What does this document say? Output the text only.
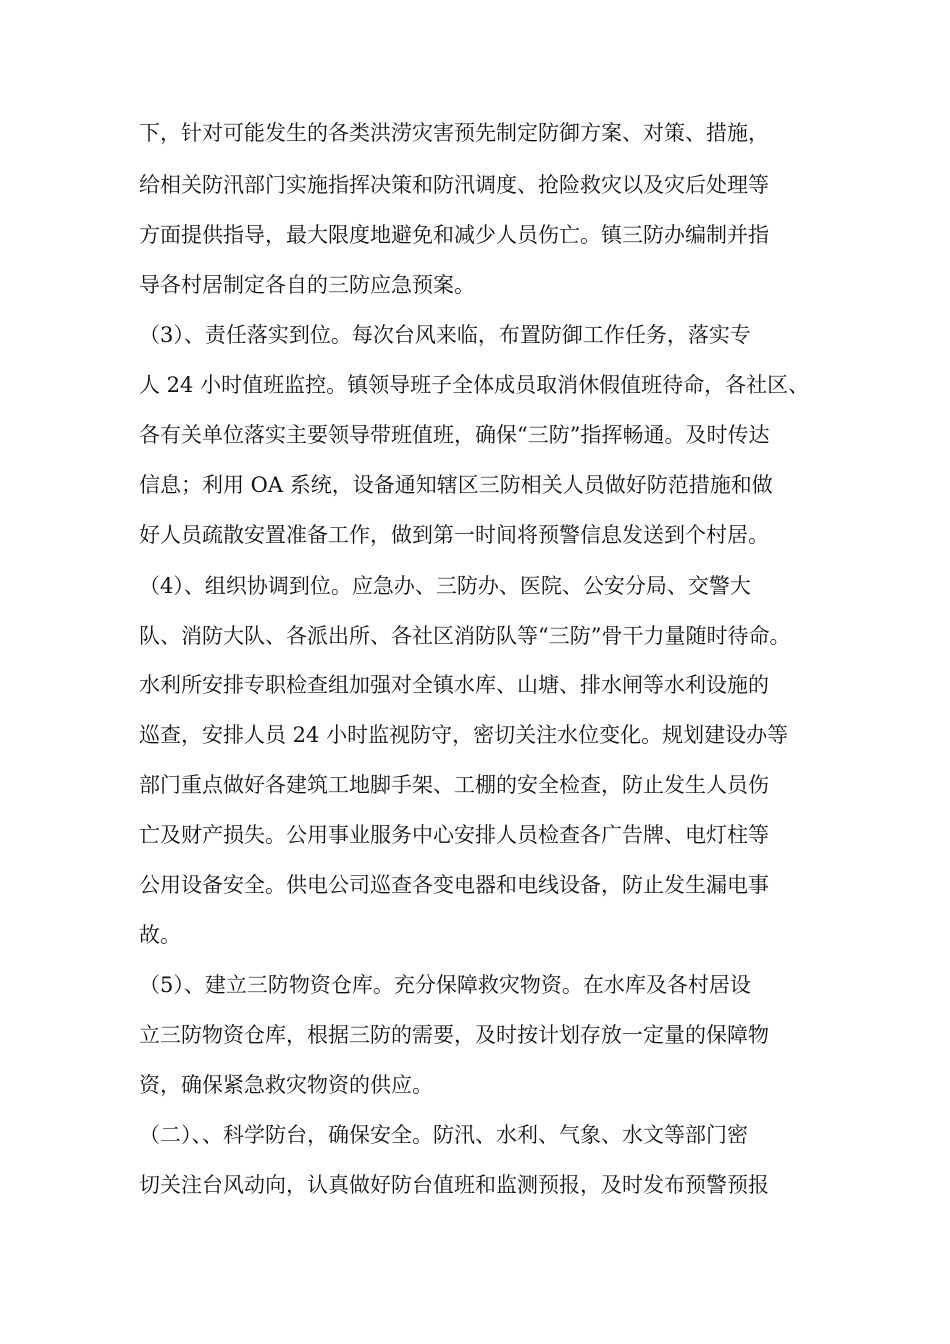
下，针对可能发生的各类洪涝灾害预先制定防御方案、对策、措施，

给相关防汛部门实施指挥决策和防汛调度、抢险救灾以及灾后处理等

方面提供指导，最大限度地避免和减少人员伤亡。镇三防办编制并指

导各村居制定各自的三防应急预案。

（3）、责任落实到位。每次台风来临，布置防御工作任务，落实专

人 24 小时值班监控。镇领导班子全体成员取消休假值班待命，各社区、

各有关单位落实主要领导带班值班，确保“三防”指挥畅通。及时传达

信息；利用 OA 系统，设备通知辖区三防相关人员做好防范措施和做

好人员疏散安置准备工作，做到第一时间将预警信息发送到个村居。

（4）、组织协调到位。应急办、三防办、医院、公安分局、交警大

队、消防大队、各派出所、各社区消防队等“三防”骨干力量随时待命。

水利所安排专职检查组加强对全镇水库、山塘、排水闸等水利设施的

巡查，安排人员 24 小时监视防守，密切关注水位变化。规划建设办等

部门重点做好各建筑工地脚手架、工棚的安全检查，防止发生人员伤

亡及财产损失。公用事业服务中心安排人员检查各广告牌、电灯柱等

公用设备安全。供电公司巡查各变电器和电线设备，防止发生漏电事

故。

（5）、建立三防物资仓库。充分保障救灾物资。在水库及各村居设

立三防物资仓库，根据三防的需要，及时按计划存放一定量的保障物

资，确保紧急救灾物资的供应。

（二）、、科学防台，确保安全。防汛、水利、气象、水文等部门密

切关注台风动向，认真做好防台值班和监测预报，及时发布预警预报
